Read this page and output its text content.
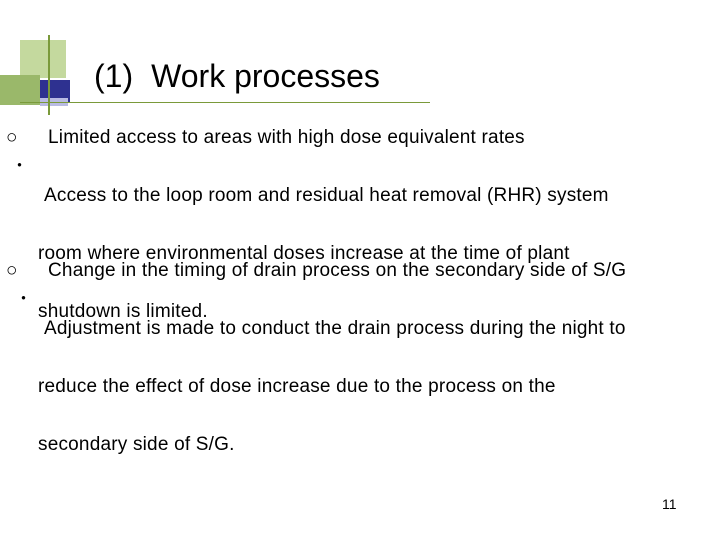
(1) Work processes
○ Limited access to areas with high dose equivalent rates
・

Access to the loop room and residual heat removal (RHR) system

room where environmental doses increase at the time of plant

shutdown is limited.

○ Change in the timing of drain process on the secondary side of S/G
・

Adjustment is made to conduct the drain process during the night to

reduce the effect of dose increase due to the process on the

secondary side of S/G.

11
